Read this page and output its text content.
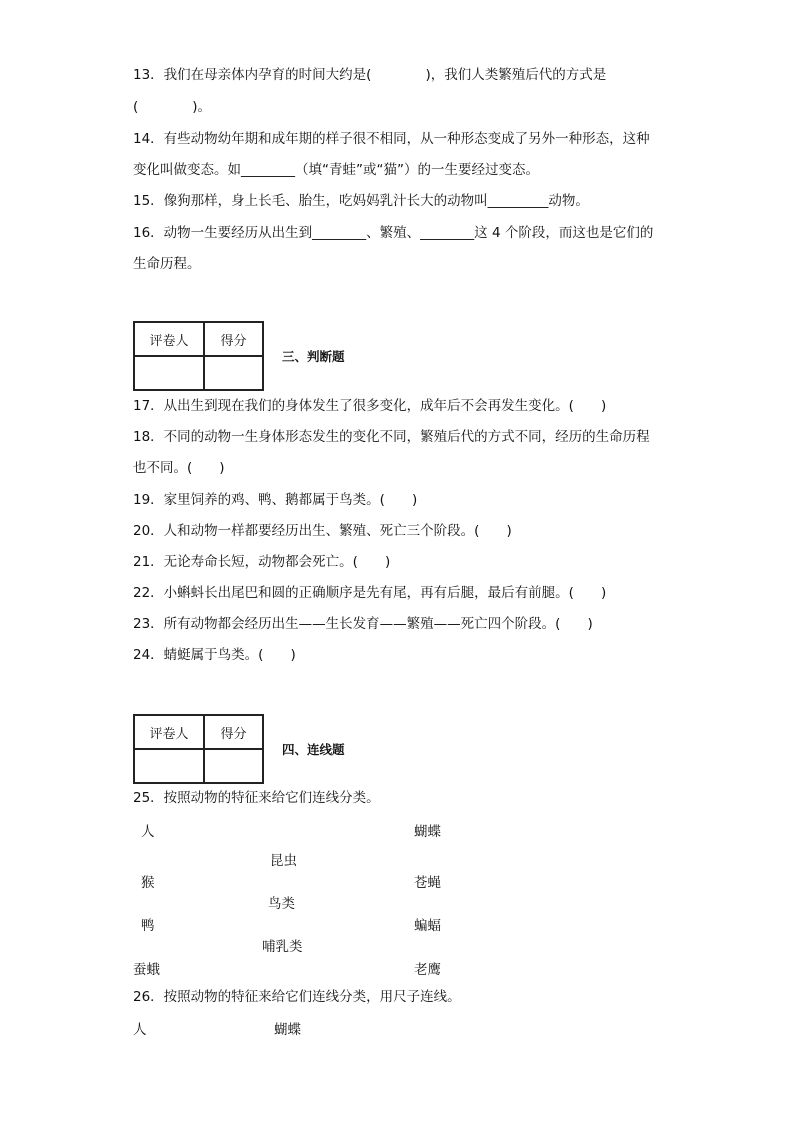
13．我们在母亲体内孕育的时间大约是(　　　　)，我们人类繁殖后代的方式是

(　　　　)。

14．有些动物幼年期和成年期的样子很不相同，从一种形态变成了另外一种形态，这种

变化叫做变态。如________（填“青蛙”或“猫”）的一生要经过变态。

15．像狗那样，身上长毛、胎生，吃妈妈乳汁长大的动物叫_________动物。

16．动物一生要经历从出生到________、繁殖、________这 4 个阶段，而这也是它们的

生命历程。

评卷人	得分

三、判断题

17．从出生到现在我们的身体发生了很多变化，成年后不会再发生变化。(　　)

18．不同的动物一生身体形态发生的变化不同，繁殖后代的方式不同，经历的生命历程

也不同。(　　)

19．家里饲养的鸡、鸭、鹅都属于鸟类。(　　)

20．人和动物一样都要经历出生、繁殖、死亡三个阶段。(　　)

21．无论寿命长短，动物都会死亡。(　　)

22．小蝌蚪长出尾巴和圆的正确顺序是先有尾，再有后腿，最后有前腿。(　　)

23．所有动物都会经历出生——生长发育——繁殖——死亡四个阶段。(　　)

24．蜻蜓属于鸟类。(　　)

评卷人	得分

四、连线题

25．按照动物的特征来给它们连线分类。

人
猴
鸭
蚕蛾
昆虫
鸟类
哺乳类
蝴蝶
苍蝇
蝙蝠
老鹰

26．按照动物的特征来给它们连线分类，用尺子连线。

人	蝴蝶
